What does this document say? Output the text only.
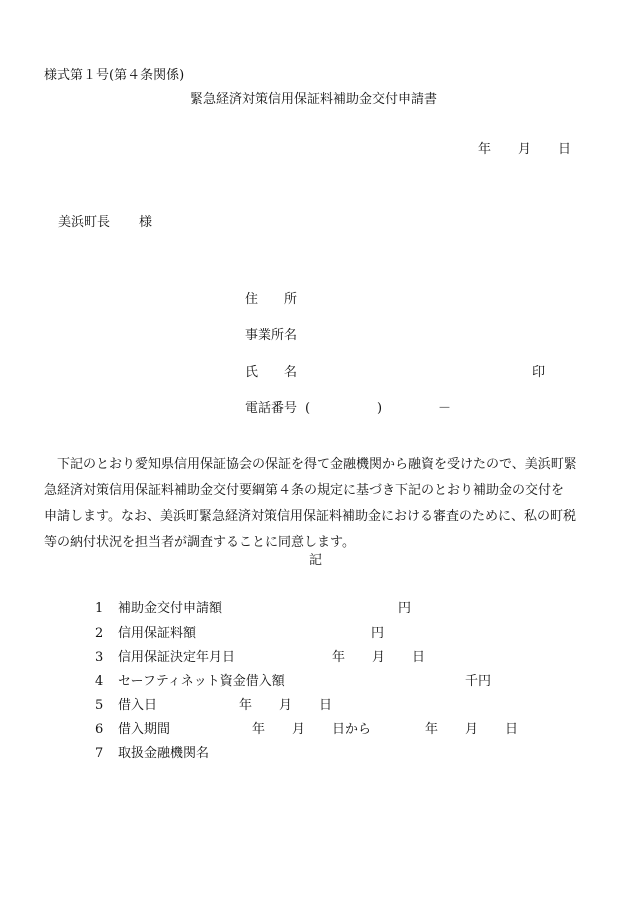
様式第１号(第４条関係)
緊急経済対策信用保証料補助金交付申請書
年 月 日
美浜町長 様
住　　所
事業所名
氏　　名	印
電話番号 (	)	－

　下記のとおり愛知県信用保証協会の保証を得て金融機関から融資を受けたので、美浜町緊

急経済対策信用保証料補助金交付要綱第４条の規定に基づき下記のとおり補助金の交付を

申請します。なお、美浜町緊急経済対策信用保証料補助金における審査のために、私の町税

等の納付状況を担当者が調査することに同意します。

記
1 補助金交付申請額	円
2 信用保証料額	円
3 信用保証決定年月日	年 月 日
4 セーフティネット資金借入額	千円
5 借入日	年 月 日
6 借入期間	年 月 日から	年 月 日
7 取扱金融機関名
